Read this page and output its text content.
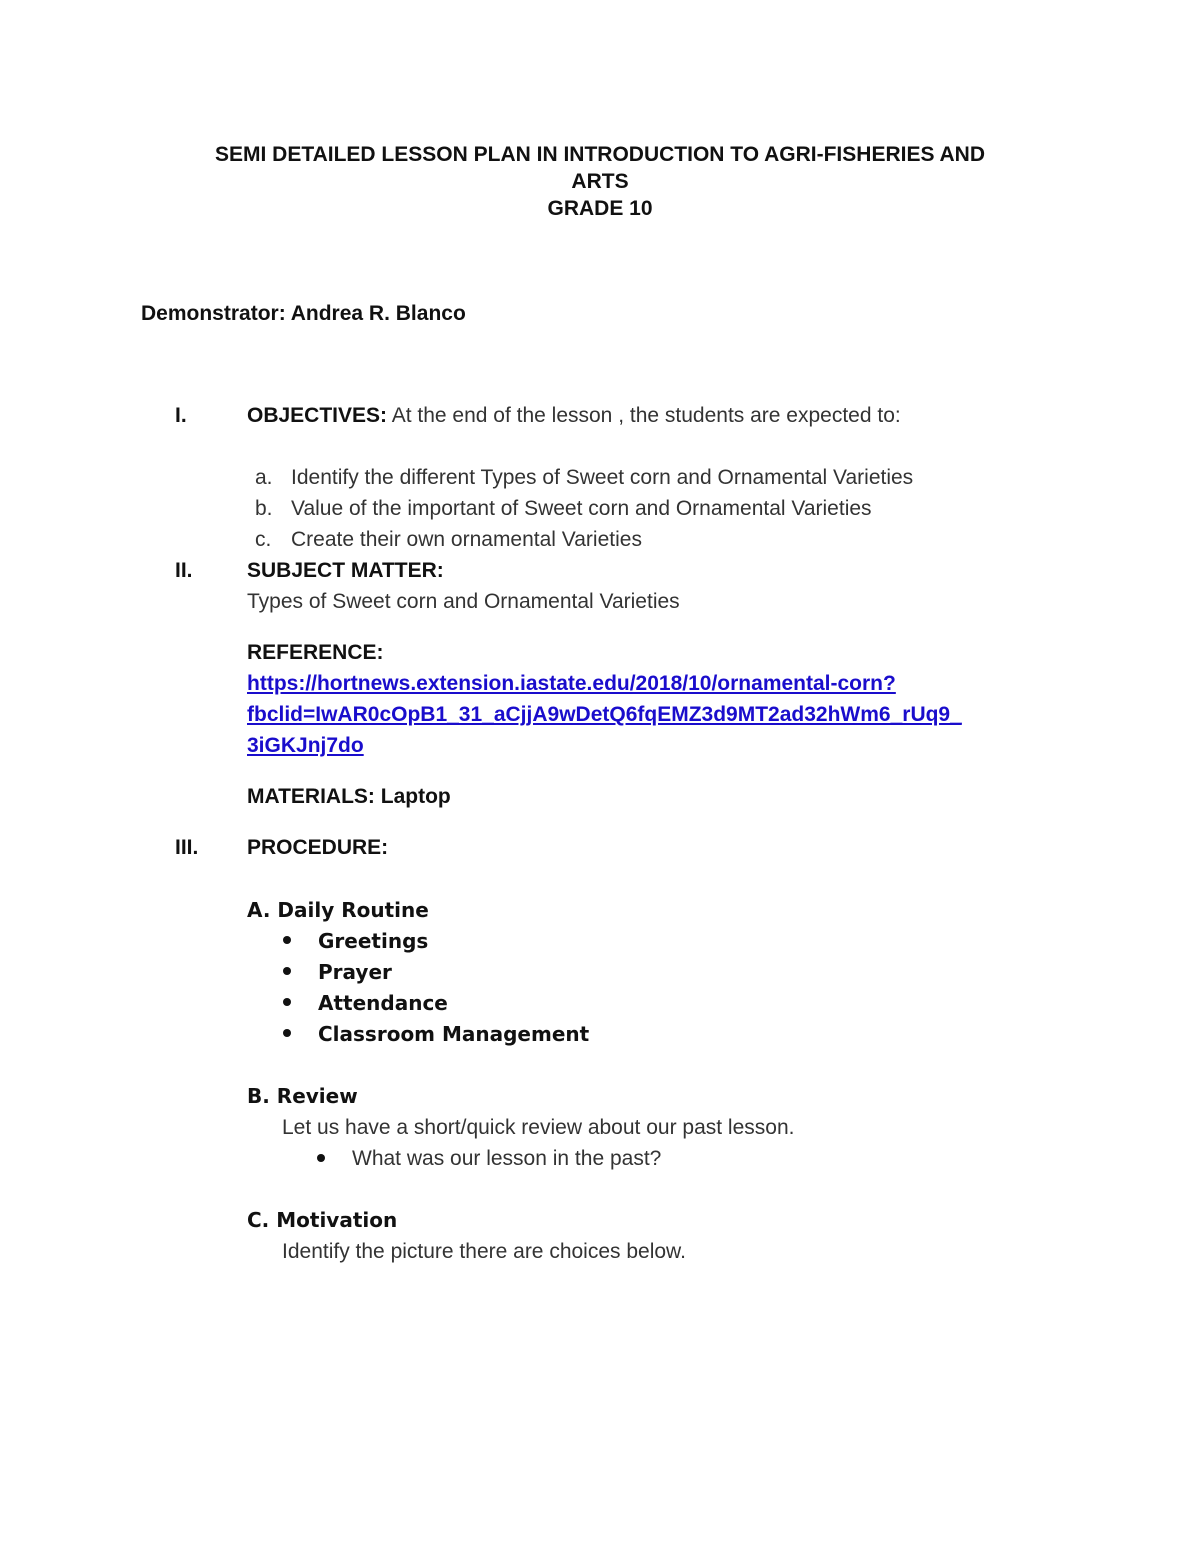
SEMI DETAILED LESSON PLAN IN INTRODUCTION TO AGRI-FISHERIES AND
ARTS
GRADE 10
Demonstrator: Andrea R. Blanco
I.	OBJECTIVES: At the end of the lesson , the students are expected to:
a. Identify the different Types of Sweet corn and Ornamental Varieties
b. Value of the important of Sweet corn and Ornamental Varieties
c. Create their own ornamental Varieties
II.	SUBJECT MATTER:
Types of Sweet corn and Ornamental Varieties
REFERENCE:
https://hortnews.extension.iastate.edu/2018/10/ornamental-corn?
fbclid=IwAR0cOpB1_31_aCjjA9wDetQ6fqEMZ3d9MT2ad32hWm6_rUq9_
3iGKJnj7do
MATERIALS: Laptop
III. PROCEDURE:
A. Daily Routine
Greetings
Prayer
Attendance
Classroom Management
B. Review
Let us have a short/quick review about our past lesson.
What was our lesson in the past?
C. Motivation
Identify the picture there are choices below.
